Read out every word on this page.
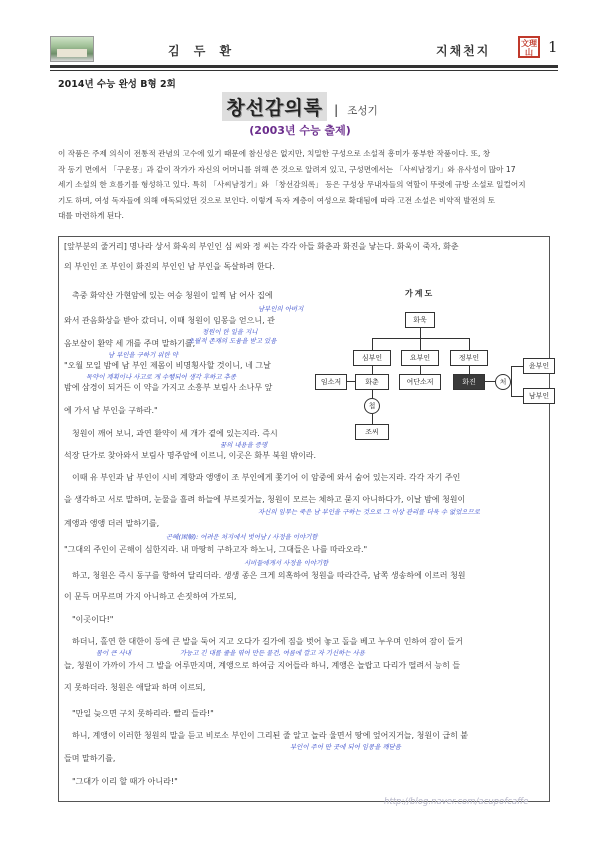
김 두 환	지채천지
文理山	1
2014년 수능 완성 B형 2회
창선감의록 | 조성기
(2003년 수능 출제)
이 작품은 주제 의식이 전통적 관념의 고수에 있기 때문에 참신성은 없지만, 치밀한 구성으로 소설적 흥미가 풍부한 작품이다. 또, 창
작 동기 면에서 「구운몽」과 같이 작가가 자신의 어머니를 위해 쓴 것으로 알려져 있고, 구성면에서는 「사씨남정기」와 유사성이 많아 17
세기 소설의 한 흐름기를 형성하고 있다. 특히 「사씨남정기」와 「창선감의록」 등은 구성상 무내자들의 역할이 뚜렷에 규방 소설로 일컬어지
기도 하며, 여성 독자들에 의해 애독되었던 것으로 보인다. 이렇게 독자 계층이 여성으로 확대됨에 따라 고전 소설은 비약적 발전의 토
대를 마련하게 된다.
[앞부분의 줄거리] 명나라 상서 화욱의 부인인 심 씨와 정 씨는 각각 아들 화춘과 화진을 낳는다. 화욱이 죽자, 화춘
의 부인인 조 부인이 화진의 부인인 남 부인을 독살하려 한다.
촉중 화악산 가현암에 있는 여승 청원이 일찍 남 어사 집에
와서 관음화상을 받아 갔더니, 이때 청원이 임몽을 얻으니, 관
음보살이 환약 세 개를 주며 말하기를,
"오월 모일 밤에 남 부인 제몸이 비명횡사할 것이니, 네 그날
밤에 삼경이 되거든 이 약을 가지고 소흥부 보림사 소나무 앞
에 가서 남 부인을 구하라."
청원이 깨어 보니, 과연 환약이 세 개가 곁에 있는지라. 즉시
석장 단가로 찾아와서 보림사 명주암에 이르니, 이곳은 화부 북원 밖이라.
이때 유 부인과 남 부인이 시비 계향과 앵앵이 조 부인에게 쫓기어 이 암중에 와서 숨어 있는지라. 각각 자기 주인
을 생각하고 서로 말하며, 눈물을 흘려 하늘에 부르짖거늘, 청원이 모르는 체하고 묻지 아니하다가, 이날 밤에 청원이
계앵과 앵앵 더러 말하기를,
"그대의 주인이 곤해이 심한지라. 내 마땅히 구하고자 하노니, 그대들은 나를 따라오라."
하고, 청원은 즉시 동구를 향하여 달리더라. 생생 종은 크게 의혹하여 청원을 따라간즉, 남쪽 생송하에 이르러 청원
이 문득 머무르며 가지 아니하고 손짓하여 가로되,
"이곳이다!"
하더니, 홀연 한 대한이 등에 큰 발을 둑어 지고 오다가 길가에 짐을 벗어 놓고 돌을 베고 누우며 인하여 잠이 들거
늘, 청원이 가까이 가서 그 발을 어루만지며, 계앵으로 하여금 지어들라 하니, 계앵은 놀랍고 다리가 떨려서 능히 들
지 못하더라. 청원은 애달파 하며 이르되,
"만일 늦으면 구치 못하리라. 빨리 들라!"
하니, 계앵이 이러한 청원의 말을 듣고 비로소 부인이 그리된 줄 알고 놀라 울면서 땅에 엎어지거늘, 청원이 급히 붙
들며 말하기를,
"그대가 이리 할 때가 아니라!"
남부인의 아버지
청원이 한 일을 지니
초월적 존재의 도움을 받고 있음
남 부인을 구하기 위한 약
독약이 계획이나 사고로 게 수행되어 생각 후하고 추종
꿈의 내용을 증명
자신의 임무는 죽은 남 부인을 구하는 것으로 그 이상 관리를 더욱 수 없었으므로
곤해(困解): 어려운 처지에서 벗어남 / 사정을 이야기함
시비들에게서 사정을 이야기함
몸이 큰 사내	가능고 긴 대를 줄을 엮어 만든 물건, 여름에 깔고 자 기신하는 사용
부인이 주어 딴 곳에 되어 임몽을 깨닫음
가계도
화욱
심부인	요부인	정부인
임소저	화춘	여단소저	화진	처
윤부인
남부인
첩
조씨
http://blog.naver.com/acupofcaffe
